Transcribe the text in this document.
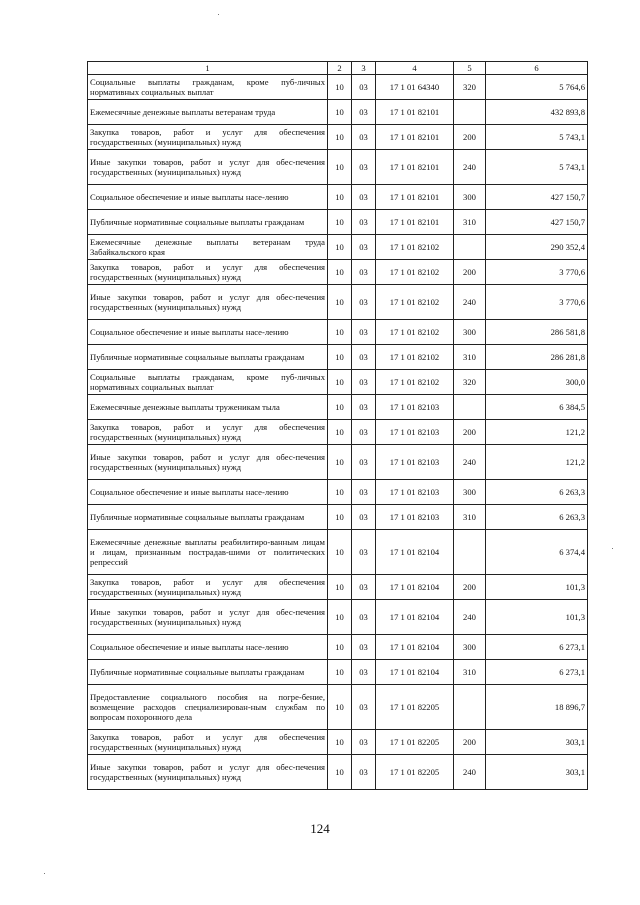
1	2	3	4	5	6
Социальные выплаты гражданам, кроме пуб-личных нормативных социальных выплат	10	03	17 1 01 64340	320	5 764,6
Ежемесячные денежные выплаты ветеранам труда	10	03	17 1 01 82101		432 893,8
Закупка товаров, работ и услуг для обеспечения государственных (муниципальных) нужд	10	03	17 1 01 82101	200	5 743,1
Иные закупки товаров, работ и услуг для обес-печения государственных (муниципальных) нужд	10	03	17 1 01 82101	240	5 743,1
Социальное обеспечение и иные выплаты насе-лению	10	03	17 1 01 82101	300	427 150,7
Публичные нормативные социальные выплаты гражданам	10	03	17 1 01 82101	310	427 150,7
Ежемесячные денежные выплаты ветеранам труда Забайкальского края	10	03	17 1 01 82102		290 352,4
Закупка товаров, работ и услуг для обеспечения государственных (муниципальных) нужд	10	03	17 1 01 82102	200	3 770,6
Иные закупки товаров, работ и услуг для обес-печения государственных (муниципальных) нужд	10	03	17 1 01 82102	240	3 770,6
Социальное обеспечение и иные выплаты насе-лению	10	03	17 1 01 82102	300	286 581,8
Публичные нормативные социальные выплаты гражданам	10	03	17 1 01 82102	310	286 281,8
Социальные выплаты гражданам, кроме пуб-личных нормативных социальных выплат	10	03	17 1 01 82102	320	300,0
Ежемесячные денежные выплаты труженикам тыла	10	03	17 1 01 82103		6 384,5
Закупка товаров, работ и услуг для обеспечения государственных (муниципальных) нужд	10	03	17 1 01 82103	200	121,2
Иные закупки товаров, работ и услуг для обес-печения государственных (муниципальных) нужд	10	03	17 1 01 82103	240	121,2
Социальное обеспечение и иные выплаты насе-лению	10	03	17 1 01 82103	300	6 263,3
Публичные нормативные социальные выплаты гражданам	10	03	17 1 01 82103	310	6 263,3
Ежемесячные денежные выплаты реабилитиро-ванным лицам и лицам, признанным пострадав-шими от политических репрессий	10	03	17 1 01 82104		6 374,4
Закупка товаров, работ и услуг для обеспечения государственных (муниципальных) нужд	10	03	17 1 01 82104	200	101,3
Иные закупки товаров, работ и услуг для обес-печения государственных (муниципальных) нужд	10	03	17 1 01 82104	240	101,3
Социальное обеспечение и иные выплаты насе-лению	10	03	17 1 01 82104	300	6 273,1
Публичные нормативные социальные выплаты гражданам	10	03	17 1 01 82104	310	6 273,1
Предоставление социального пособия на погре-бение, возмещение расходов специализирован-ным службам по вопросам похоронного дела	10	03	17 1 01 82205		18 896,7
Закупка товаров, работ и услуг для обеспечения государственных (муниципальных) нужд	10	03	17 1 01 82205	200	303,1
Иные закупки товаров, работ и услуг для обес-печения государственных (муниципальных) нужд	10	03	17 1 01 82205	240	303,1
124
